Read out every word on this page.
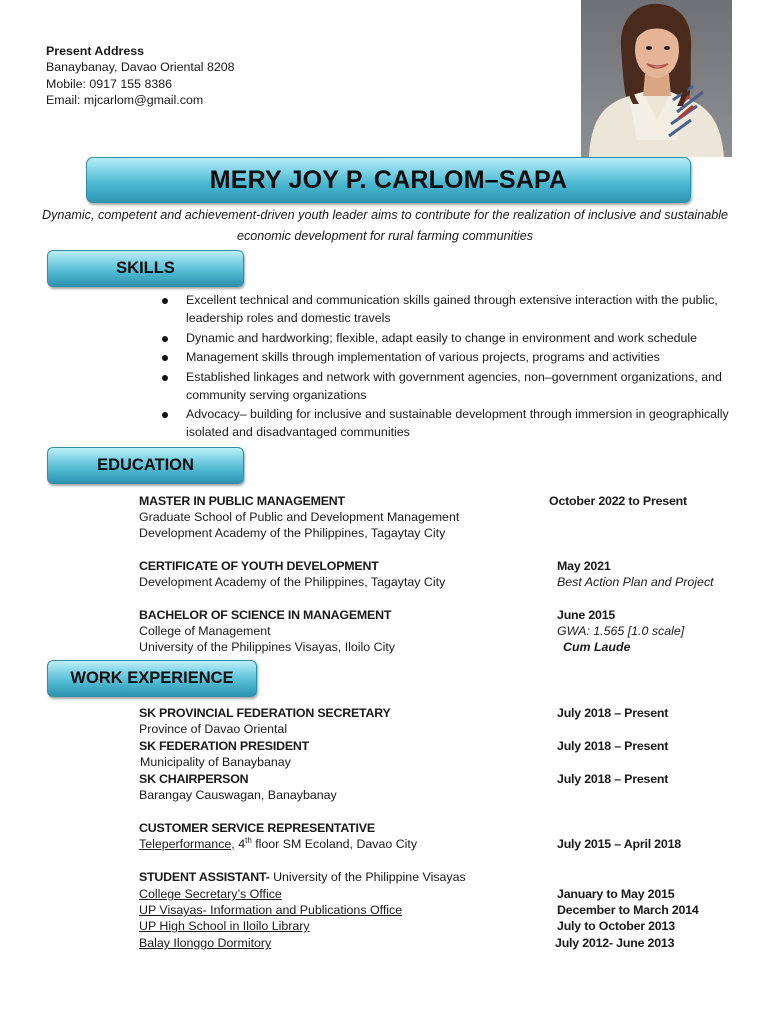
Present Address
Banaybanay, Davao Oriental 8208
Mobile: 0917 155 8386
Email: mjcarlom@gmail.com
MERY JOY P. CARLOM–SAPA
Dynamic, competent and achievement-driven youth leader aims to contribute for the realization of inclusive and sustainable economic development for rural farming communities
SKILLS
Excellent technical and communication skills gained through extensive interaction with the public, leadership roles and domestic travels
Dynamic and hardworking; flexible, adapt easily to change in environment and work schedule
Management skills through implementation of various projects, programs and activities
Established linkages and network with government agencies, non–government organizations, and community serving organizations
Advocacy– building for inclusive and sustainable development through immersion in geographically isolated and disadvantaged communities
EDUCATION
MASTER IN PUBLIC MANAGEMENT	October 2022 to Present
Graduate School of Public and Development Management
Development Academy of the Philippines, Tagaytay City
CERTIFICATE OF YOUTH DEVELOPMENT	May 2021
Development Academy of the Philippines, Tagaytay City	Best Action Plan and Project
BACHELOR OF SCIENCE IN MANAGEMENT	June 2015
College of Management	GWA: 1.565 [1.0 scale]
University of the Philippines Visayas, Iloilo City	Cum Laude
WORK EXPERIENCE
SK PROVINCIAL FEDERATION SECRETARY	July 2018 – Present
Province of Davao Oriental
SK FEDERATION PRESIDENT	July 2018 – Present
Municipality of Banaybanay
SK CHAIRPERSON	July 2018 – Present
Barangay Causwagan, Banaybanay
CUSTOMER SERVICE REPRESENTATIVE
Teleperformance, 4th floor SM Ecoland, Davao City	July 2015 – April 2018
STUDENT ASSISTANT- University of the Philippine Visayas
College Secretary’s Office	January to May 2015
UP Visayas- Information and Publications Office	December to March 2014
UP High School in Iloilo Library	July to October 2013
Balay Ilonggo Dormitory	July 2012- June 2013
